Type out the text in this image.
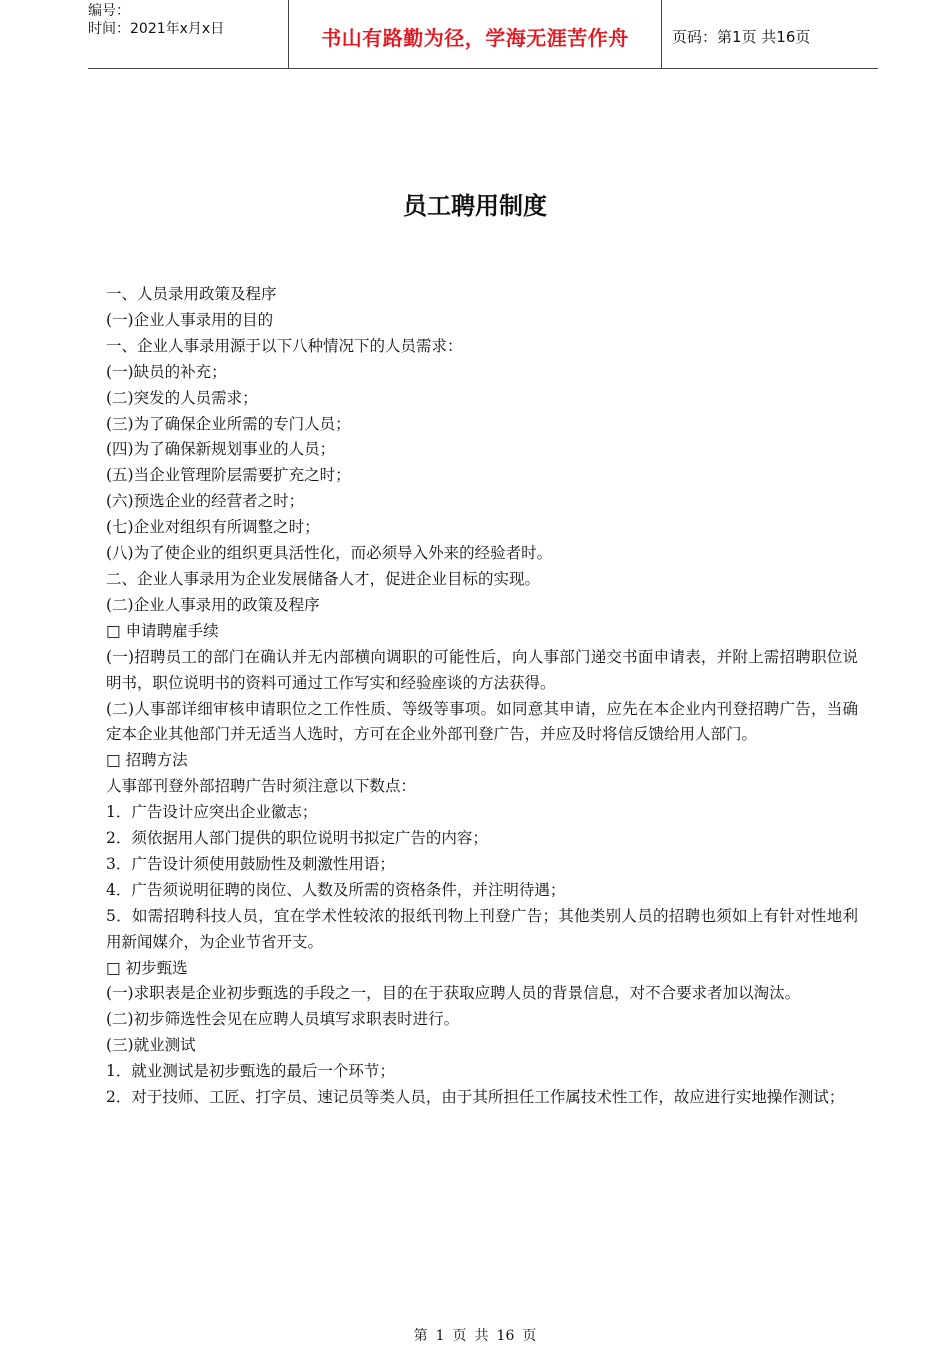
编号：
时间：2021年x月x日	书山有路勤为径，学海无涯苦作舟	页码：第1页 共16页
员工聘用制度

一、人员录用政策及程序

(一)企业人事录用的目的

一、企业人事录用源于以下八种情况下的人员需求：

(一)缺员的补充；

(二)突发的人员需求；

(三)为了确保企业所需的专门人员；

(四)为了确保新规划事业的人员；

(五)当企业管理阶层需要扩充之时；

(六)预选企业的经营者之时；

(七)企业对组织有所调整之时；

(八)为了使企业的组织更具活性化，而必须导入外来的经验者时。

二、企业人事录用为企业发展储备人才，促进企业目标的实现。

(二)企业人事录用的政策及程序

□ 申请聘雇手续

(一)招聘员工的部门在确认并无内部横向调职的可能性后，向人事部门递交书面申请表，并附上需招聘职位说明书，职位说明书的资料可通过工作写实和经验座谈的方法获得。

(二)人事部详细审核申请职位之工作性质、等级等事项。如同意其申请，应先在本企业内刊登招聘广告，当确定本企业其他部门并无适当人选时，方可在企业外部刊登广告，并应及时将信反馈给用人部门。

□ 招聘方法

人事部刊登外部招聘广告时须注意以下数点：

1．广告设计应突出企业徽志；

2．须依据用人部门提供的职位说明书拟定广告的内容；

3．广告设计须使用鼓励性及刺激性用语；

4．广告须说明征聘的岗位、人数及所需的资格条件，并注明待遇；

5．如需招聘科技人员，宜在学术性较浓的报纸刊物上刊登广告；其他类别人员的招聘也须如上有针对性地利用新闻媒介，为企业节省开支。

□ 初步甄选

(一)求职表是企业初步甄选的手段之一，目的在于获取应聘人员的背景信息，对不合要求者加以淘汰。

(二)初步筛选性会见在应聘人员填写求职表时进行。

(三)就业测试

1．就业测试是初步甄选的最后一个环节；

2．对于技师、工匠、打字员、速记员等类人员，由于其所担任工作属技术性工作，故应进行实地操作测试；

第 1 页 共 16 页
